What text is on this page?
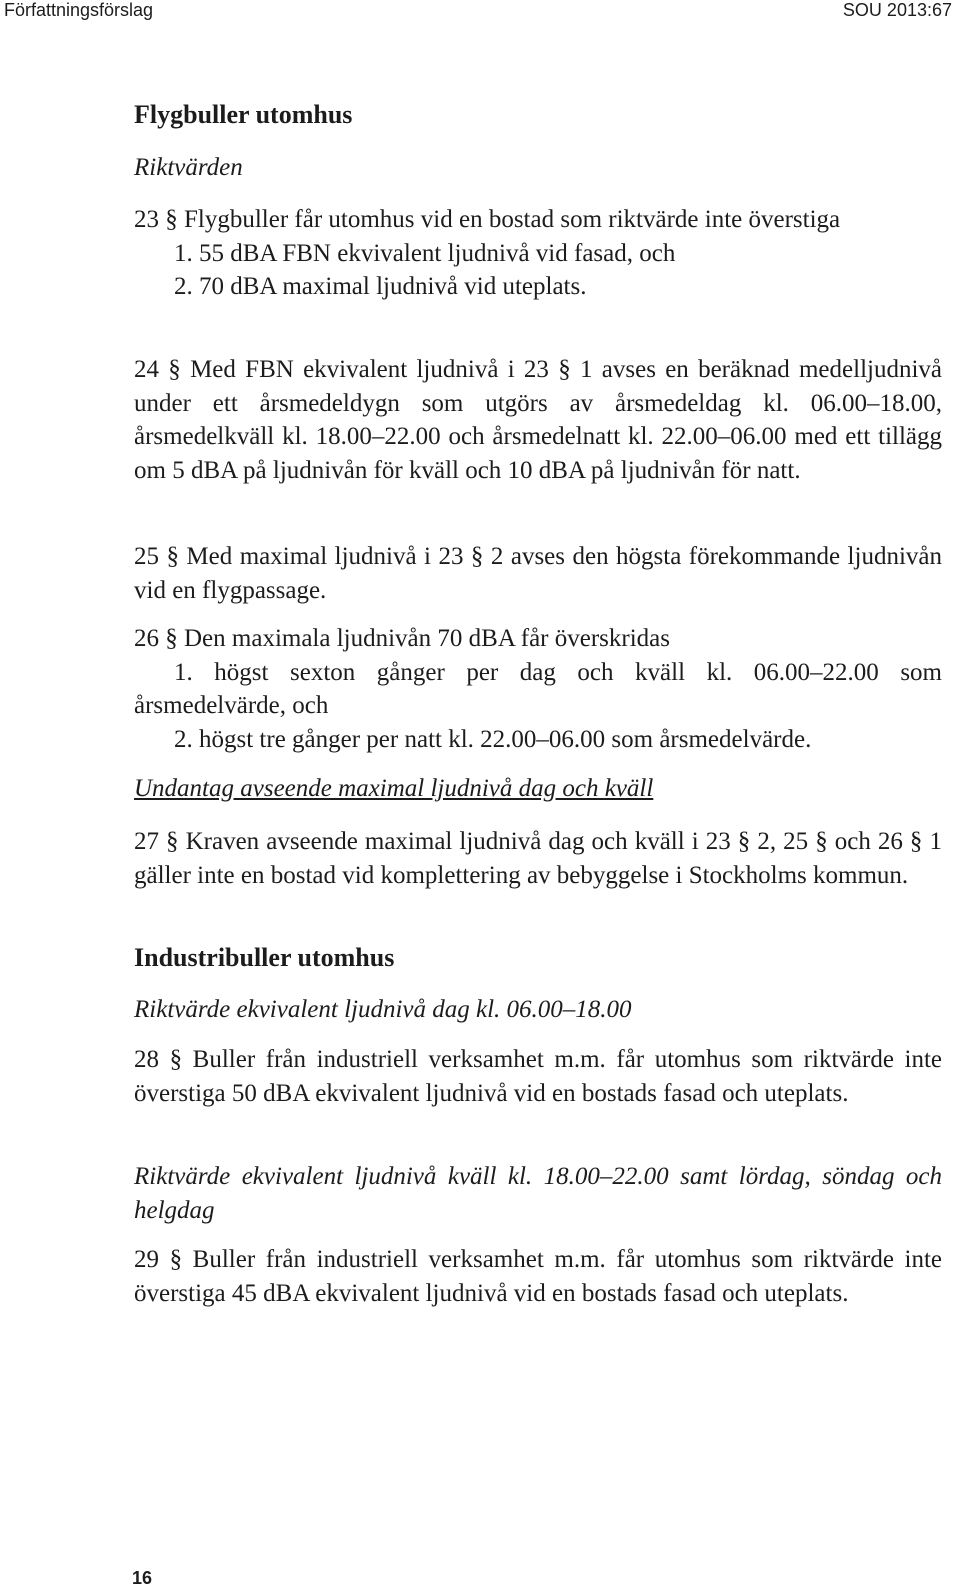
Författningsförslag	SOU 2013:67
Flygbuller utomhus
Riktvärden

23 § Flygbuller får utomhus vid en bostad som riktvärde inte överstiga

1. 55 dBA FBN ekvivalent ljudnivå vid fasad, och

2. 70 dBA maximal ljudnivå vid uteplats.

24 § Med FBN ekvivalent ljudnivå i 23 § 1 avses en beräknad medelljudnivå under ett årsmedeldygn som utgörs av årsmedeldag kl. 06.00–18.00, årsmedelkväll kl. 18.00–22.00 och årsmedelnatt kl. 22.00–06.00 med ett tillägg om 5 dBA på ljudnivån för kväll och 10 dBA på ljudnivån för natt.
25 § Med maximal ljudnivå i 23 § 2 avses den högsta förekommande ljudnivån vid en flygpassage.

26 § Den maximala ljudnivån 70 dBA får överskridas

1. högst sexton gånger per dag och kväll kl. 06.00–22.00 som årsmedelvärde, och

2. högst tre gånger per natt kl. 22.00–06.00 som årsmedelvärde.

Undantag avseende maximal ljudnivå dag och kväll
27 § Kraven avseende maximal ljudnivå dag och kväll i 23 § 2, 25 § och 26 § 1 gäller inte en bostad vid komplettering av bebyggelse i Stockholms kommun.
Industribuller utomhus
Riktvärde ekvivalent ljudnivå dag kl. 06.00–18.00
28 § Buller från industriell verksamhet m.m. får utomhus som riktvärde inte överstiga 50 dBA ekvivalent ljudnivå vid en bostads fasad och uteplats.
Riktvärde ekvivalent ljudnivå kväll kl. 18.00–22.00 samt lördag, söndag och helgdag
29 § Buller från industriell verksamhet m.m. får utomhus som riktvärde inte överstiga 45 dBA ekvivalent ljudnivå vid en bostads fasad och uteplats.
16
